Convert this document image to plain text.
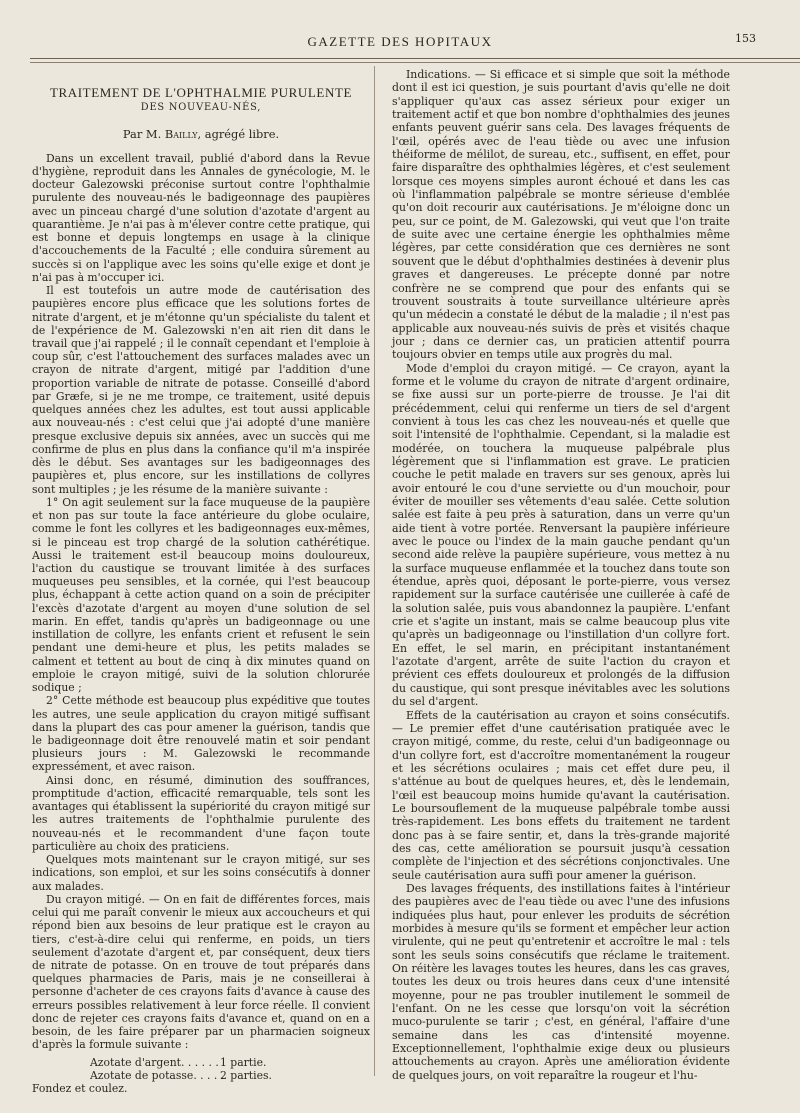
GAZETTE DES HOPITAUX	153
TRAITEMENT DE L'OPHTHALMIE PURULENTE
DES NOUVEAU-NÉS,
Par M. Bailly, agrégé libre.

Dans un excellent travail, publié d'abord dans la Revue d'hygiène, reproduit dans les Annales de gynécologie, M. le docteur Galezowski préconise surtout contre l'ophthalmie purulente des nouveau-nés le badigeonnage des paupières avec un pinceau chargé d'une solution d'azotate d'argent au quarantième. Je n'ai pas à m'élever contre cette pratique, qui est bonne et depuis longtemps en usage à la clinique d'accouchements de la Faculté ; elle conduira sûrement au succès si on l'applique avec les soins qu'elle exige et dont je n'ai pas à m'occuper ici.

Il est toutefois un autre mode de cautérisation des paupières encore plus efficace que les solutions fortes de nitrate d'argent, et je m'étonne qu'un spécialiste du talent et de l'expérience de M. Galezowski n'en ait rien dit dans le travail que j'ai rappelé ; il le connaît cependant et l'emploie à coup sûr, c'est l'attouchement des surfaces malades avec un crayon de nitrate d'argent, mitigé par l'addition d'une proportion variable de nitrate de potasse. Conseillé d'abord par Græfe, si je ne me trompe, ce traitement, usité depuis quelques années chez les adultes, est tout aussi applicable aux nouveau-nés : c'est celui que j'ai adopté d'une manière presque exclusive depuis six années, avec un succès qui me confirme de plus en plus dans la confiance qu'il m'a inspirée dès le début. Ses avantages sur les badigeonnages des paupières et, plus encore, sur les instillations de collyres sont multiples ; je les résume de la manière suivante :

1° On agit seulement sur la face muqueuse de la paupière et non pas sur toute la face antérieure du globe oculaire, comme le font les collyres et les badigeonnages eux-mêmes, si le pinceau est trop chargé de la solution cathérétique. Aussi le traitement est-il beaucoup moins douloureux, l'action du caustique se trouvant limitée à des surfaces muqueuses peu sensibles, et la cornée, qui l'est beaucoup plus, échappant à cette action quand on a soin de précipiter l'excès d'azotate d'argent au moyen d'une solution de sel marin. En effet, tandis qu'après un badigeonnage ou une instillation de collyre, les enfants crient et refusent le sein pendant une demi-heure et plus, les petits malades se calment et tettent au bout de cinq à dix minutes quand on emploie le crayon mitigé, suivi de la solution chlorurée sodique ;

2° Cette méthode est beaucoup plus expéditive que toutes les autres, une seule application du crayon mitigé suffisant dans la plupart des cas pour amener la guérison, tandis que le badigeonnage doit être renouvelé matin et soir pendant plusieurs jours : M. Galezowski le recommande expressément, et avec raison.

Ainsi donc, en résumé, diminution des souffrances, promptitude d'action, efficacité remarquable, tels sont les avantages qui établissent la supériorité du crayon mitigé sur les autres traitements de l'ophthalmie purulente des nouveau-nés et le recommandent d'une façon toute particulière au choix des praticiens.

Quelques mots maintenant sur le crayon mitigé, sur ses indications, son emploi, et sur les soins consécutifs à donner aux malades.

Du crayon mitigé. — On en fait de différentes forces, mais celui qui me paraît convenir le mieux aux accoucheurs et qui répond bien aux besoins de leur pratique est le crayon au tiers, c'est-à-dire celui qui renferme, en poids, un tiers seulement d'azotate d'argent et, par conséquent, deux tiers de nitrate de potasse. On en trouve de tout préparés dans quelques pharmacies de Paris, mais je ne conseillerai à personne d'acheter de ces crayons faits d'avance à cause des erreurs possibles relativement à leur force réelle. Il convient donc de rejeter ces crayons faits d'avance et, quand on en a besoin, de les faire préparer par un pharmacien soigneux d'après la formule suivante :

Azotate d'argent. . . . . . 1 partie.
Azotate de potasse. . . . .
2 parties.

Fondez et coulez.

Indications. — Si efficace et si simple que soit la méthode dont il est ici question, je suis pourtant d'avis qu'elle ne doit s'appliquer qu'aux cas assez sérieux pour exiger un traitement actif et que bon nombre d'ophthalmies des jeunes enfants peuvent guérir sans cela. Des lavages fréquents de l'œil, opérés avec de l'eau tiède ou avec une infusion théiforme de mélilot, de sureau, etc., suffisent, en effet, pour faire disparaître des ophthalmies légères, et c'est seulement lorsque ces moyens simples auront échoué et dans les cas où l'inflammation palpébrale se montre sérieuse d'emblée qu'on doit recourir aux cautérisations. Je m'éloigne donc un peu, sur ce point, de M. Galezowski, qui veut que l'on traite de suite avec une certaine énergie les ophthalmies même légères, par cette considération que ces dernières ne sont souvent que le début d'ophthalmies destinées à devenir plus graves et dangereuses. Le précepte donné par notre confrère ne se comprend que pour des enfants qui se trouvent soustraits à toute surveillance ultérieure après qu'un médecin a constaté le début de la maladie ; il n'est pas applicable aux nouveau-nés suivis de près et visités chaque jour ; dans ce dernier cas, un praticien attentif pourra toujours obvier en temps utile aux progrès du mal.

Mode d'emploi du crayon mitigé. — Ce crayon, ayant la forme et le volume du crayon de nitrate d'argent ordinaire, se fixe aussi sur un porte-pierre de trousse. Je l'ai dit précédemment, celui qui renferme un tiers de sel d'argent convient à tous les cas chez les nouveau-nés et quelle que soit l'intensité de l'ophthalmie. Cependant, si la maladie est modérée, on touchera la muqueuse palpébrale plus légèrement que si l'inflammation est grave. Le praticien couche le petit malade en travers sur ses genoux, après lui avoir entouré le cou d'une serviette ou d'un mouchoir, pour éviter de mouiller ses vêtements d'eau salée. Cette solution salée est faite à peu près à saturation, dans un verre qu'un aide tient à votre portée. Renversant la paupière inférieure avec le pouce ou l'index de la main gauche pendant qu'un second aide relève la paupière supérieure, vous mettez à nu la surface muqueuse enflammée et la touchez dans toute son étendue, après quoi, déposant le porte-pierre, vous versez rapidement sur la surface cautérisée une cuillerée à café de la solution salée, puis vous abandonnez la paupière. L'enfant crie et s'agite un instant, mais se calme beaucoup plus vite qu'après un badigeonnage ou l'instillation d'un collyre fort. En effet, le sel marin, en précipitant instantanément l'azotate d'argent, arrête de suite l'action du crayon et prévient ces effets douloureux et prolongés de la diffusion du caustique, qui sont presque inévitables avec les solutions du sel d'argent.

Effets de la cautérisation au crayon et soins consécutifs. — Le premier effet d'une cautérisation pratiquée avec le crayon mitigé, comme, du reste, celui d'un badigeonnage ou d'un collyre fort, est d'accroître momentanément la rougeur et les sécrétions oculaires ; mais cet effet dure peu, il s'atténue au bout de quelques heures, et, dès le lendemain, l'œil est beaucoup moins humide qu'avant la cautérisation. Le boursouflement de la muqueuse palpébrale tombe aussi très-rapidement. Les bons effets du traitement ne tardent donc pas à se faire sentir, et, dans la très-grande majorité des cas, cette amélioration se poursuit jusqu'à cessation complète de l'injection et des sécrétions conjonctivales. Une seule cautérisation aura suffi pour amener la guérison.

Des lavages fréquents, des instillations faites à l'intérieur des paupières avec de l'eau tiède ou avec l'une des infusions indiquées plus haut, pour enlever les produits de sécrétion morbides à mesure qu'ils se forment et empêcher leur action virulente, qui ne peut qu'entretenir et accroître le mal : tels sont les seuls soins consécutifs que réclame le traitement. On réitère les lavages toutes les heures, dans les cas graves, toutes les deux ou trois heures dans ceux d'une intensité moyenne, pour ne pas troubler inutilement le sommeil de l'enfant. On ne les cesse que lorsqu'on voit la sécrétion muco-purulente se tarir ; c'est, en général, l'affaire d'une semaine dans les cas d'intensité moyenne. Exceptionnellement, l'ophthalmie exige deux ou plusieurs attouchements au crayon. Après une amélioration évidente de quelques jours, on voit reparaître la rougeur et l'hu-
